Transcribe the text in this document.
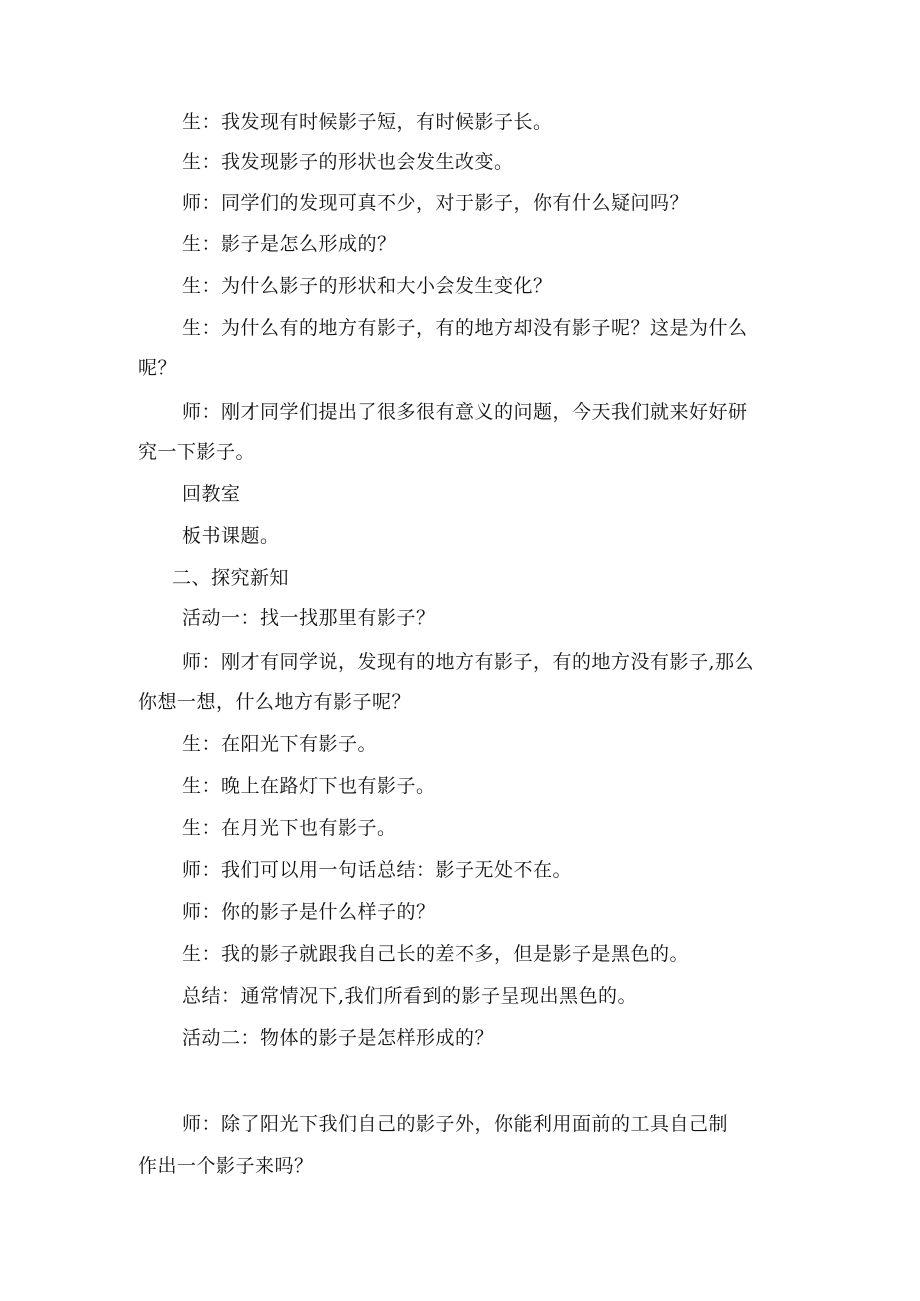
生：我发现有时候影子短，有时候影子长。
生：我发现影子的形状也会发生改变。
师：同学们的发现可真不少，对于影子，你有什么疑问吗？
生：影子是怎么形成的？
生：为什么影子的形状和大小会发生变化？
生：为什么有的地方有影子，有的地方却没有影子呢？这是为什么
呢？
师：刚才同学们提出了很多很有意义的问题，今天我们就来好好研
究一下影子。
回教室
板书课题。
二、探究新知
活动一：找一找那里有影子？
师：刚才有同学说，发现有的地方有影子，有的地方没有影子,那么
你想一想，什么地方有影子呢？
生：在阳光下有影子。
生：晚上在路灯下也有影子。
生：在月光下也有影子。
师：我们可以用一句话总结：影子无处不在。
师：你的影子是什么样子的？
生：我的影子就跟我自己长的差不多，但是影子是黑色的。
总结：通常情况下,我们所看到的影子呈现出黑色的。
活动二：物体的影子是怎样形成的？
师：除了阳光下我们自己的影子外，你能利用面前的工具自己制
作出一个影子来吗？
